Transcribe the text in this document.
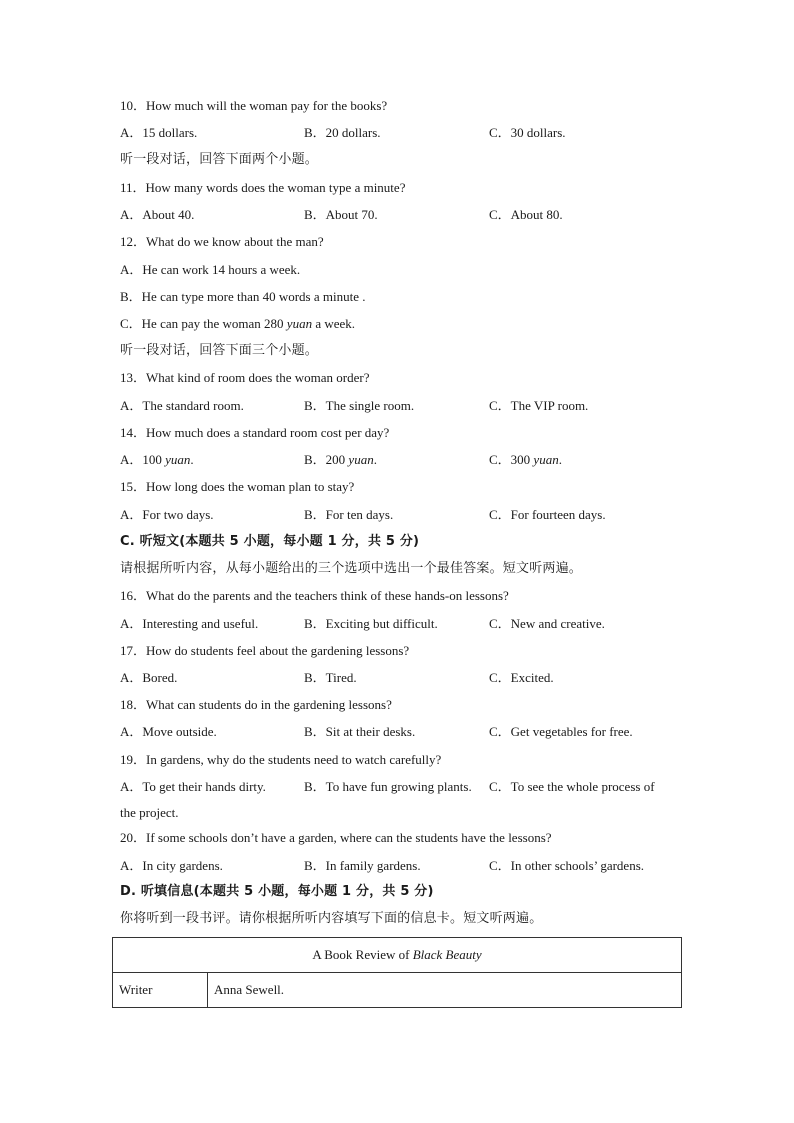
10．How much will the woman pay for the books?
A．15 dollars.	B．20 dollars.	C．30 dollars.
听一段对话，回答下面两个小题。
11．How many words does the woman type a minute?
A．About 40.	B．About 70.	C．About 80.
12．What do we know about the man?
A．He can work 14 hours a week.
B．He can type more than 40 words a minute .
C．He can pay the woman 280 yuan a week.
听一段对话，回答下面三个小题。
13．What kind of room does the woman order?
A．The standard room.	B．The single room.	C．The VIP room.
14．How much does a standard room cost per day?
A．100 yuan.	B．200 yuan.	C．300 yuan.
15．How long does the woman plan to stay?
A．For two days.	B．For ten days.	C．For fourteen days.
C. 听短文(本题共 5 小题，每小题 1 分，共 5 分)
请根据所听内容，从每小题给出的三个选项中选出一个最佳答案。短文听两遍。
16．What do the parents and the teachers think of these hands-on lessons?
A．Interesting and useful.	B．Exciting but difficult.	C．New and creative.
17．How do students feel about the gardening lessons?
A．Bored.	B．Tired.	C．Excited.
18．What can students do in the gardening lessons?
A．Move outside.	B．Sit at their desks.	C．Get vegetables for free.
19．In gardens, why do the students need to watch carefully?
A．To get their hands dirty.	B．To have fun growing plants. C．To see the whole process of
the project.
20．If some schools don’t have a garden, where can the students have the lessons?
A．In city gardens.	B．In family gardens.	C．In other schools’ gardens.
D. 听填信息(本题共 5 小题，每小题 1 分，共 5 分)
你将听到一段书评。请你根据所听内容填写下面的信息卡。短文听两遍。
A Book Review of Black Beauty
Writer	Anna Sewell.
